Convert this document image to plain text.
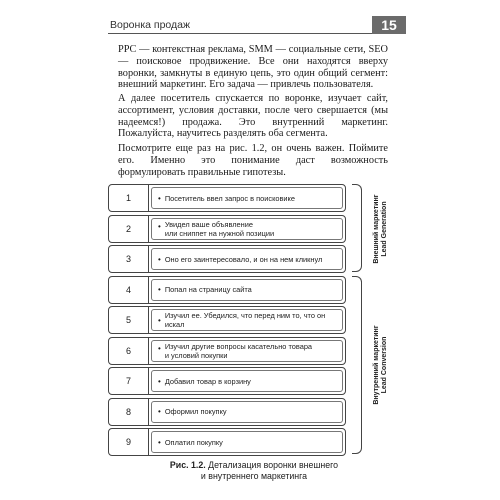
Воронка продаж	15

PPC — контекстная реклама, SMM — социальные сети, SEO — поисковое продвижение. Все они находятся вверху воронки, замкнуты в единую цепь, это один общий сегмент: внешний маркетинг. Его задача — привлечь пользователя.

А далее посетитель спускается по воронке, изучает сайт, ассортимент, условия доставки, после чего свершается (мы надеемся!) продажа. Это внутренний маркетинг. Пожалуйста, научитесь разделять оба сегмента.

Посмотрите еще раз на рис. 1.2, он очень важен. Поймите его. Именно это понимание даст возможность формулировать правильные гипотезы.

1	• Посетитель ввел запрос в поисковике
2	• Увидел ваше объявление
или сниппет на нужной позиции
3	• Оно его заинтересовало, и он на нем кликнул
4	• Попал на страницу сайта
5	• Изучил ее. Убедился, что перед ним то, что он искал
6	• Изучил другие вопросы касательно товара
и условий покупки
7	• Добавил товар в корзину
8	• Оформил покупку
9	• Оплатил покупку
Внешний маркетинг Lead Generation
Внутренний маркетинг Lead Conversion
Рис. 1.2. Детализация воронки внешнего
и внутреннего маркетинга
